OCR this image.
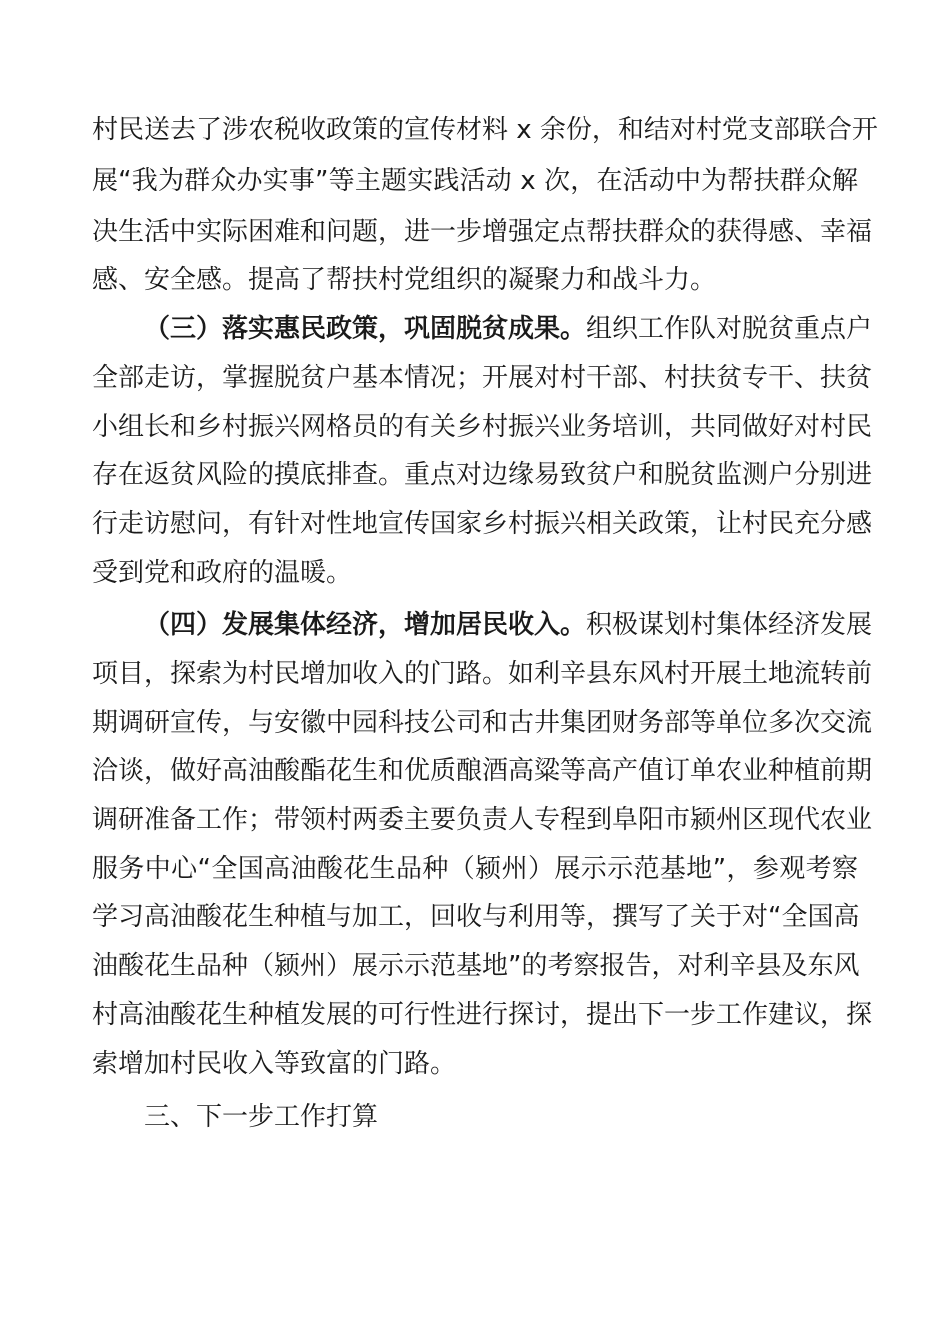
村民送去了涉农税收政策的宣传材料 x 余份，和结对村党支部联合开
展“我为群众办实事”等主题实践活动 x 次，在活动中为帮扶群众解
决生活中实际困难和问题，进一步增强定点帮扶群众的获得感、幸福
感、安全感。提高了帮扶村党组织的凝聚力和战斗力。
（三）落实惠民政策，巩固脱贫成果。组织工作队对脱贫重点户
全部走访，掌握脱贫户基本情况；开展对村干部、村扶贫专干、扶贫
小组长和乡村振兴网格员的有关乡村振兴业务培训，共同做好对村民
存在返贫风险的摸底排查。重点对边缘易致贫户和脱贫监测户分别进
行走访慰问，有针对性地宣传国家乡村振兴相关政策，让村民充分感
受到党和政府的温暖。
（四）发展集体经济，增加居民收入。积极谋划村集体经济发展
项目，探索为村民增加收入的门路。如利辛县东风村开展土地流转前
期调研宣传，与安徽中园科技公司和古井集团财务部等单位多次交流
洽谈，做好高油酸酯花生和优质酿酒高粱等高产值订单农业种植前期
调研准备工作；带领村两委主要负责人专程到阜阳市颍州区现代农业
服务中心“全国高油酸花生品种（颍州）展示示范基地”，参观考察
学习高油酸花生种植与加工，回收与利用等，撰写了关于对“全国高
油酸花生品种（颍州）展示示范基地”的考察报告，对利辛县及东风
村高油酸花生种植发展的可行性进行探讨，提出下一步工作建议，探
索增加村民收入等致富的门路。
三、下一步工作打算
